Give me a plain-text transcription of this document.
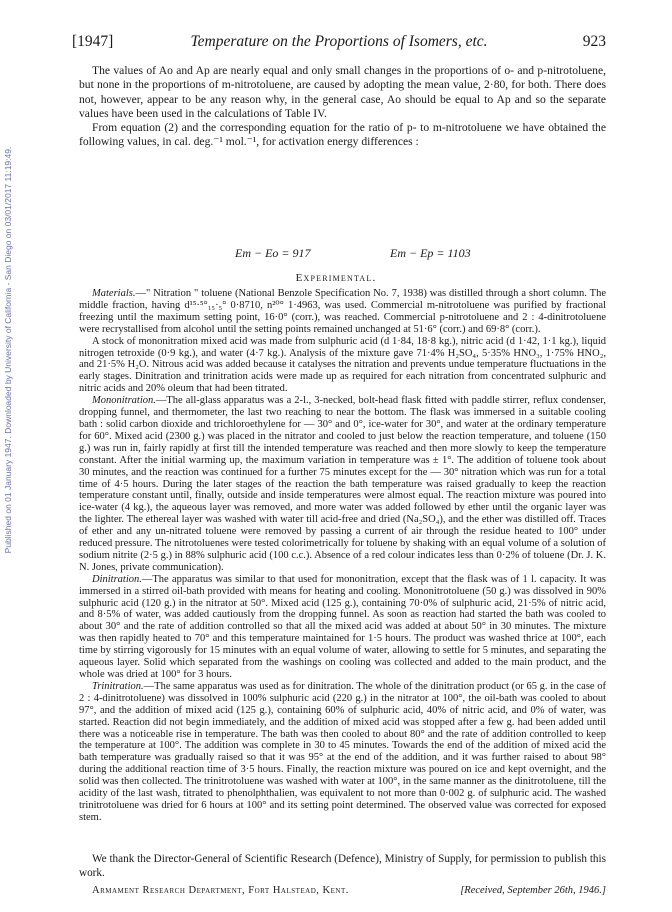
Published on 01 January 1947. Downloaded by University of California - San Diego on 03/01/2017 11:19:49.
[1947]	Temperature on the Proportions of Isomers, etc.	923

The values of Ao and Ap are nearly equal and only small changes in the proportions of o- and p-nitrotoluene, but none in the proportions of m-nitrotoluene, are caused by adopting the mean value, 2·80, for both. There does not, however, appear to be any reason why, in the general case, Ao should be equal to Ap and so the separate values have been used in the calculations of Table IV.

From equation (2) and the corresponding equation for the ratio of p- to m-nitrotoluene we have obtained the following values, in cal. deg.⁻¹ mol.⁻¹, for activation energy differences :

Em − Eo = 917	Em − Ep = 1103
Experimental.

Materials.—" Nitration " toluene (National Benzole Specification No. 7, 1938) was distilled through a short column. The middle fraction, having d¹⁵·⁵°₁₅·₅° 0·8710, n²⁰° 1·4963, was used. Commercial m-nitrotoluene was purified by fractional freezing until the maximum setting point, 16·0° (corr.), was reached. Commercial p-nitrotoluene and 2 : 4-dinitrotoluene were recrystallised from alcohol until the setting points remained unchanged at 51·6° (corr.) and 69·8° (corr.).

A stock of mononitration mixed acid was made from sulphuric acid (d 1·84, 18·8 kg.), nitric acid (d 1·42, 1·1 kg.), liquid nitrogen tetroxide (0·9 kg.), and water (4·7 kg.). Analysis of the mixture gave 71·4% H₂SO₄, 5·35% HNO₃, 1·75% HNO₂, and 21·5% H₂O. Nitrous acid was added because it catalyses the nitration and prevents undue temperature fluctuations in the early stages. Dinitration and trinitration acids were made up as required for each nitration from concentrated sulphuric and nitric acids and 20% oleum that had been titrated.

Mononitration.—The all-glass apparatus was a 2-l., 3-necked, bolt-head flask fitted with paddle stirrer, reflux condenser, dropping funnel, and thermometer, the last two reaching to near the bottom. The flask was immersed in a suitable cooling bath : solid carbon dioxide and trichloroethylene for — 30° and 0°, ice-water for 30°, and water at the ordinary temperature for 60°. Mixed acid (2300 g.) was placed in the nitrator and cooled to just below the reaction temperature, and toluene (150 g.) was run in, fairly rapidly at first till the intended temperature was reached and then more slowly to keep the temperature constant. After the initial warming up, the maximum variation in temperature was ± 1°. The addition of toluene took about 30 minutes, and the reaction was continued for a further 75 minutes except for the — 30° nitration which was run for a total time of 4·5 hours. During the later stages of the reaction the bath temperature was raised gradually to keep the reaction temperature constant until, finally, outside and inside temperatures were almost equal. The reaction mixture was poured into ice-water (4 kg.), the aqueous layer was removed, and more water was added followed by ether until the organic layer was the lighter. The ethereal layer was washed with water till acid-free and dried (Na₂SO₄), and the ether was distilled off. Traces of ether and any un-nitrated toluene were removed by passing a current of air through the residue heated to 100° under reduced pressure. The nitrotoluenes were tested colorimetrically for toluene by shaking with an equal volume of a solution of sodium nitrite (2·5 g.) in 88% sulphuric acid (100 c.c.). Absence of a red colour indicates less than 0·2% of toluene (Dr. J. K. N. Jones, private communication).

Dinitration.—The apparatus was similar to that used for mononitration, except that the flask was of 1 l. capacity. It was immersed in a stirred oil-bath provided with means for heating and cooling. Mononitrotoluene (50 g.) was dissolved in 90% sulphuric acid (120 g.) in the nitrator at 50°. Mixed acid (125 g.), containing 70·0% of sulphuric acid, 21·5% of nitric acid, and 8·5% of water, was added cautiously from the dropping funnel. As soon as reaction had started the bath was cooled to about 30° and the rate of addition controlled so that all the mixed acid was added at about 50° in 30 minutes. The mixture was then rapidly heated to 70° and this temperature maintained for 1·5 hours. The product was washed thrice at 100°, each time by stirring vigorously for 15 minutes with an equal volume of water, allowing to settle for 5 minutes, and separating the aqueous layer. Solid which separated from the washings on cooling was collected and added to the main product, and the whole was dried at 100° for 3 hours.

Trinitration.—The same apparatus was used as for dinitration. The whole of the dinitration product (or 65 g. in the case of 2 : 4-dinitrotoluene) was dissolved in 100% sulphuric acid (220 g.) in the nitrator at 100°, the oil-bath was cooled to about 97°, and the addition of mixed acid (125 g.), containing 60% of sulphuric acid, 40% of nitric acid, and 0% of water, was started. Reaction did not begin immediately, and the addition of mixed acid was stopped after a few g. had been added until there was a noticeable rise in temperature. The bath was then cooled to about 80° and the rate of addition controlled to keep the temperature at 100°. The addition was complete in 30 to 45 minutes. Towards the end of the addition of mixed acid the bath temperature was gradually raised so that it was 95° at the end of the addition, and it was further raised to about 98° during the additional reaction time of 3·5 hours. Finally, the reaction mixture was poured on ice and kept overnight, and the solid was then collected. The trinitrotoluene was washed with water at 100°, in the same manner as the dinitrotoluene, till the acidity of the last wash, titrated to phenolphthalien, was equivalent to not more than 0·002 g. of sulphuric acid. The washed trinitrotoluene was dried for 6 hours at 100° and its setting point determined. The observed value was corrected for exposed stem.

We thank the Director-General of Scientific Research (Defence), Ministry of Supply, for permission to publish this work.

Armament Research Department, Fort Halstead, Kent.	[Received, September 26th, 1946.]
